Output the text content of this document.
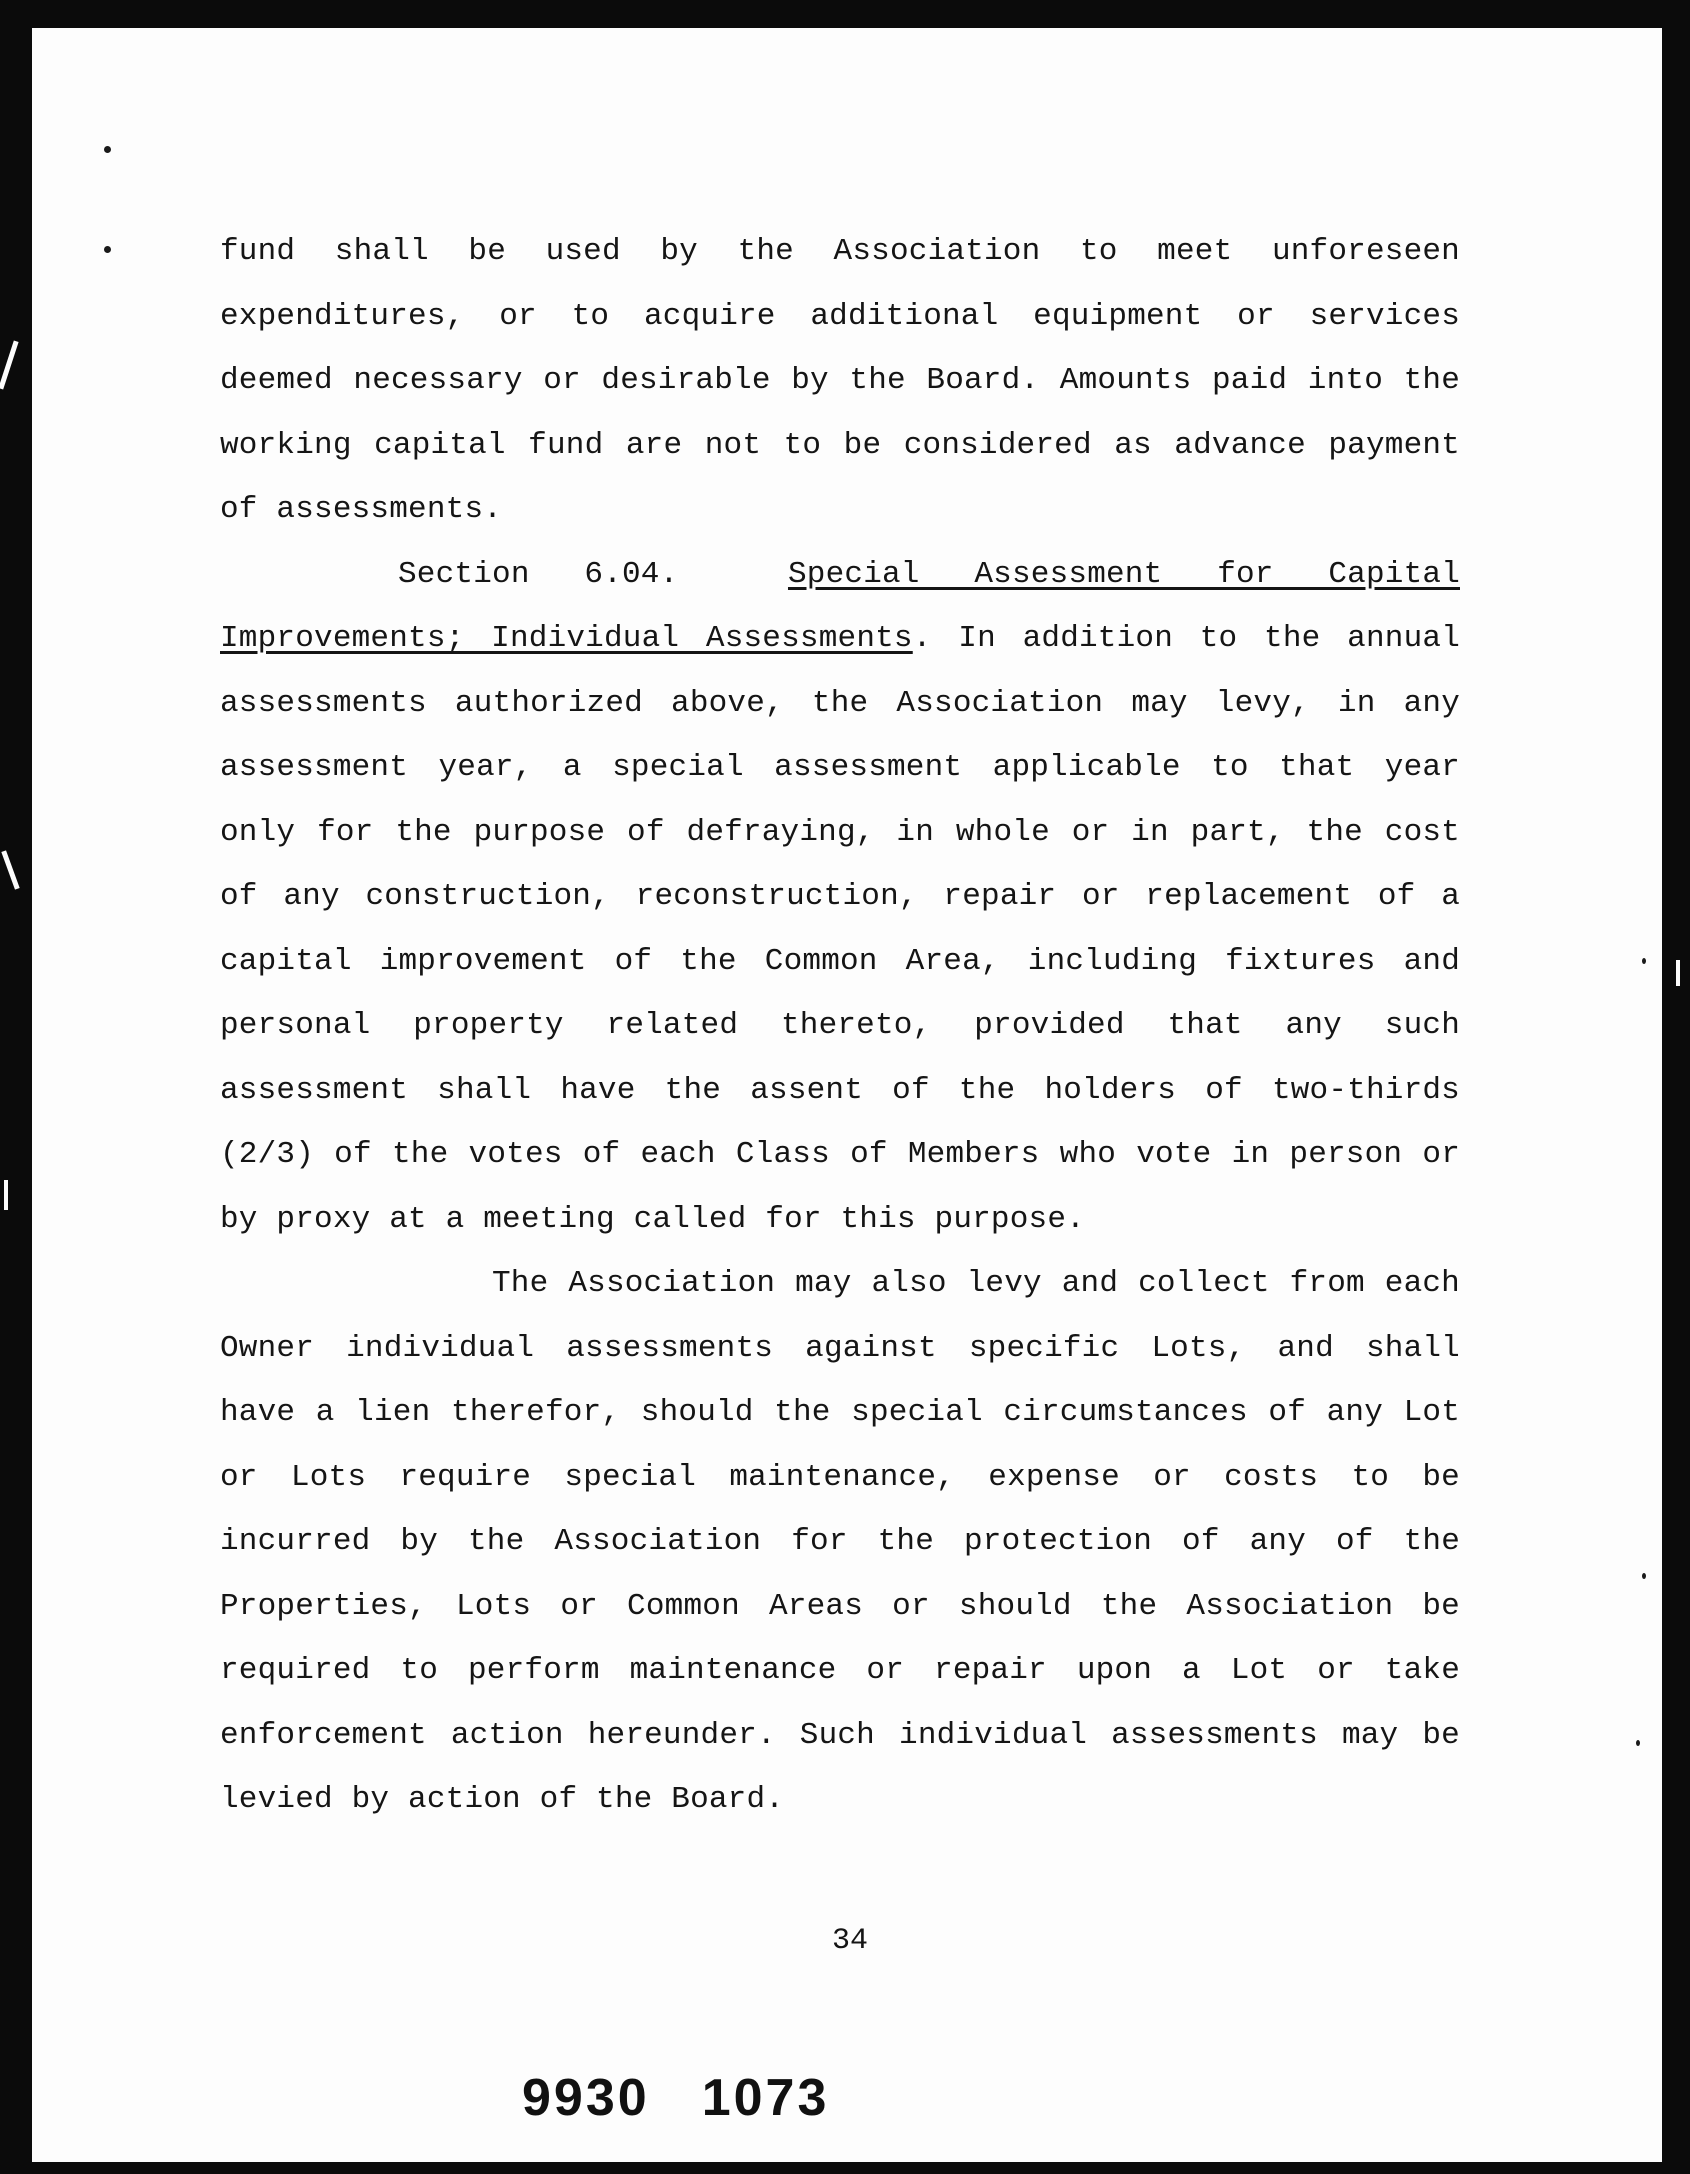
fund shall be used by the Association to meet unforeseen expenditures, or to acquire additional equipment or services deemed necessary or desirable by the Board. Amounts paid into the working capital fund are not to be considered as advance payment of assessments.

Section 6.04.	Special Assessment for Capital Improvements; Individual Assessments. In addition to the annual assessments authorized above, the Association may levy, in any assessment year, a special assessment applicable to that year only for the purpose of defraying, in whole or in part, the cost of any construction, reconstruction, repair or replacement of a capital improvement of the Common Area, including fixtures and personal property related thereto, provided that any such assessment shall have the assent of the holders of two-thirds (2/3) of the votes of each Class of Members who vote in person or by proxy at a meeting called for this purpose.

The Association may also levy and collect from each Owner individual assessments against specific Lots, and shall have a lien therefor, should the special circumstances of any Lot or Lots require special maintenance, expense or costs to be incurred by the Association for the protection of any of the Properties, Lots or Common Areas or should the Association be required to perform maintenance or repair upon a Lot or take enforcement action hereunder. Such individual assessments may be levied by action of the Board.

34
9930 1073
